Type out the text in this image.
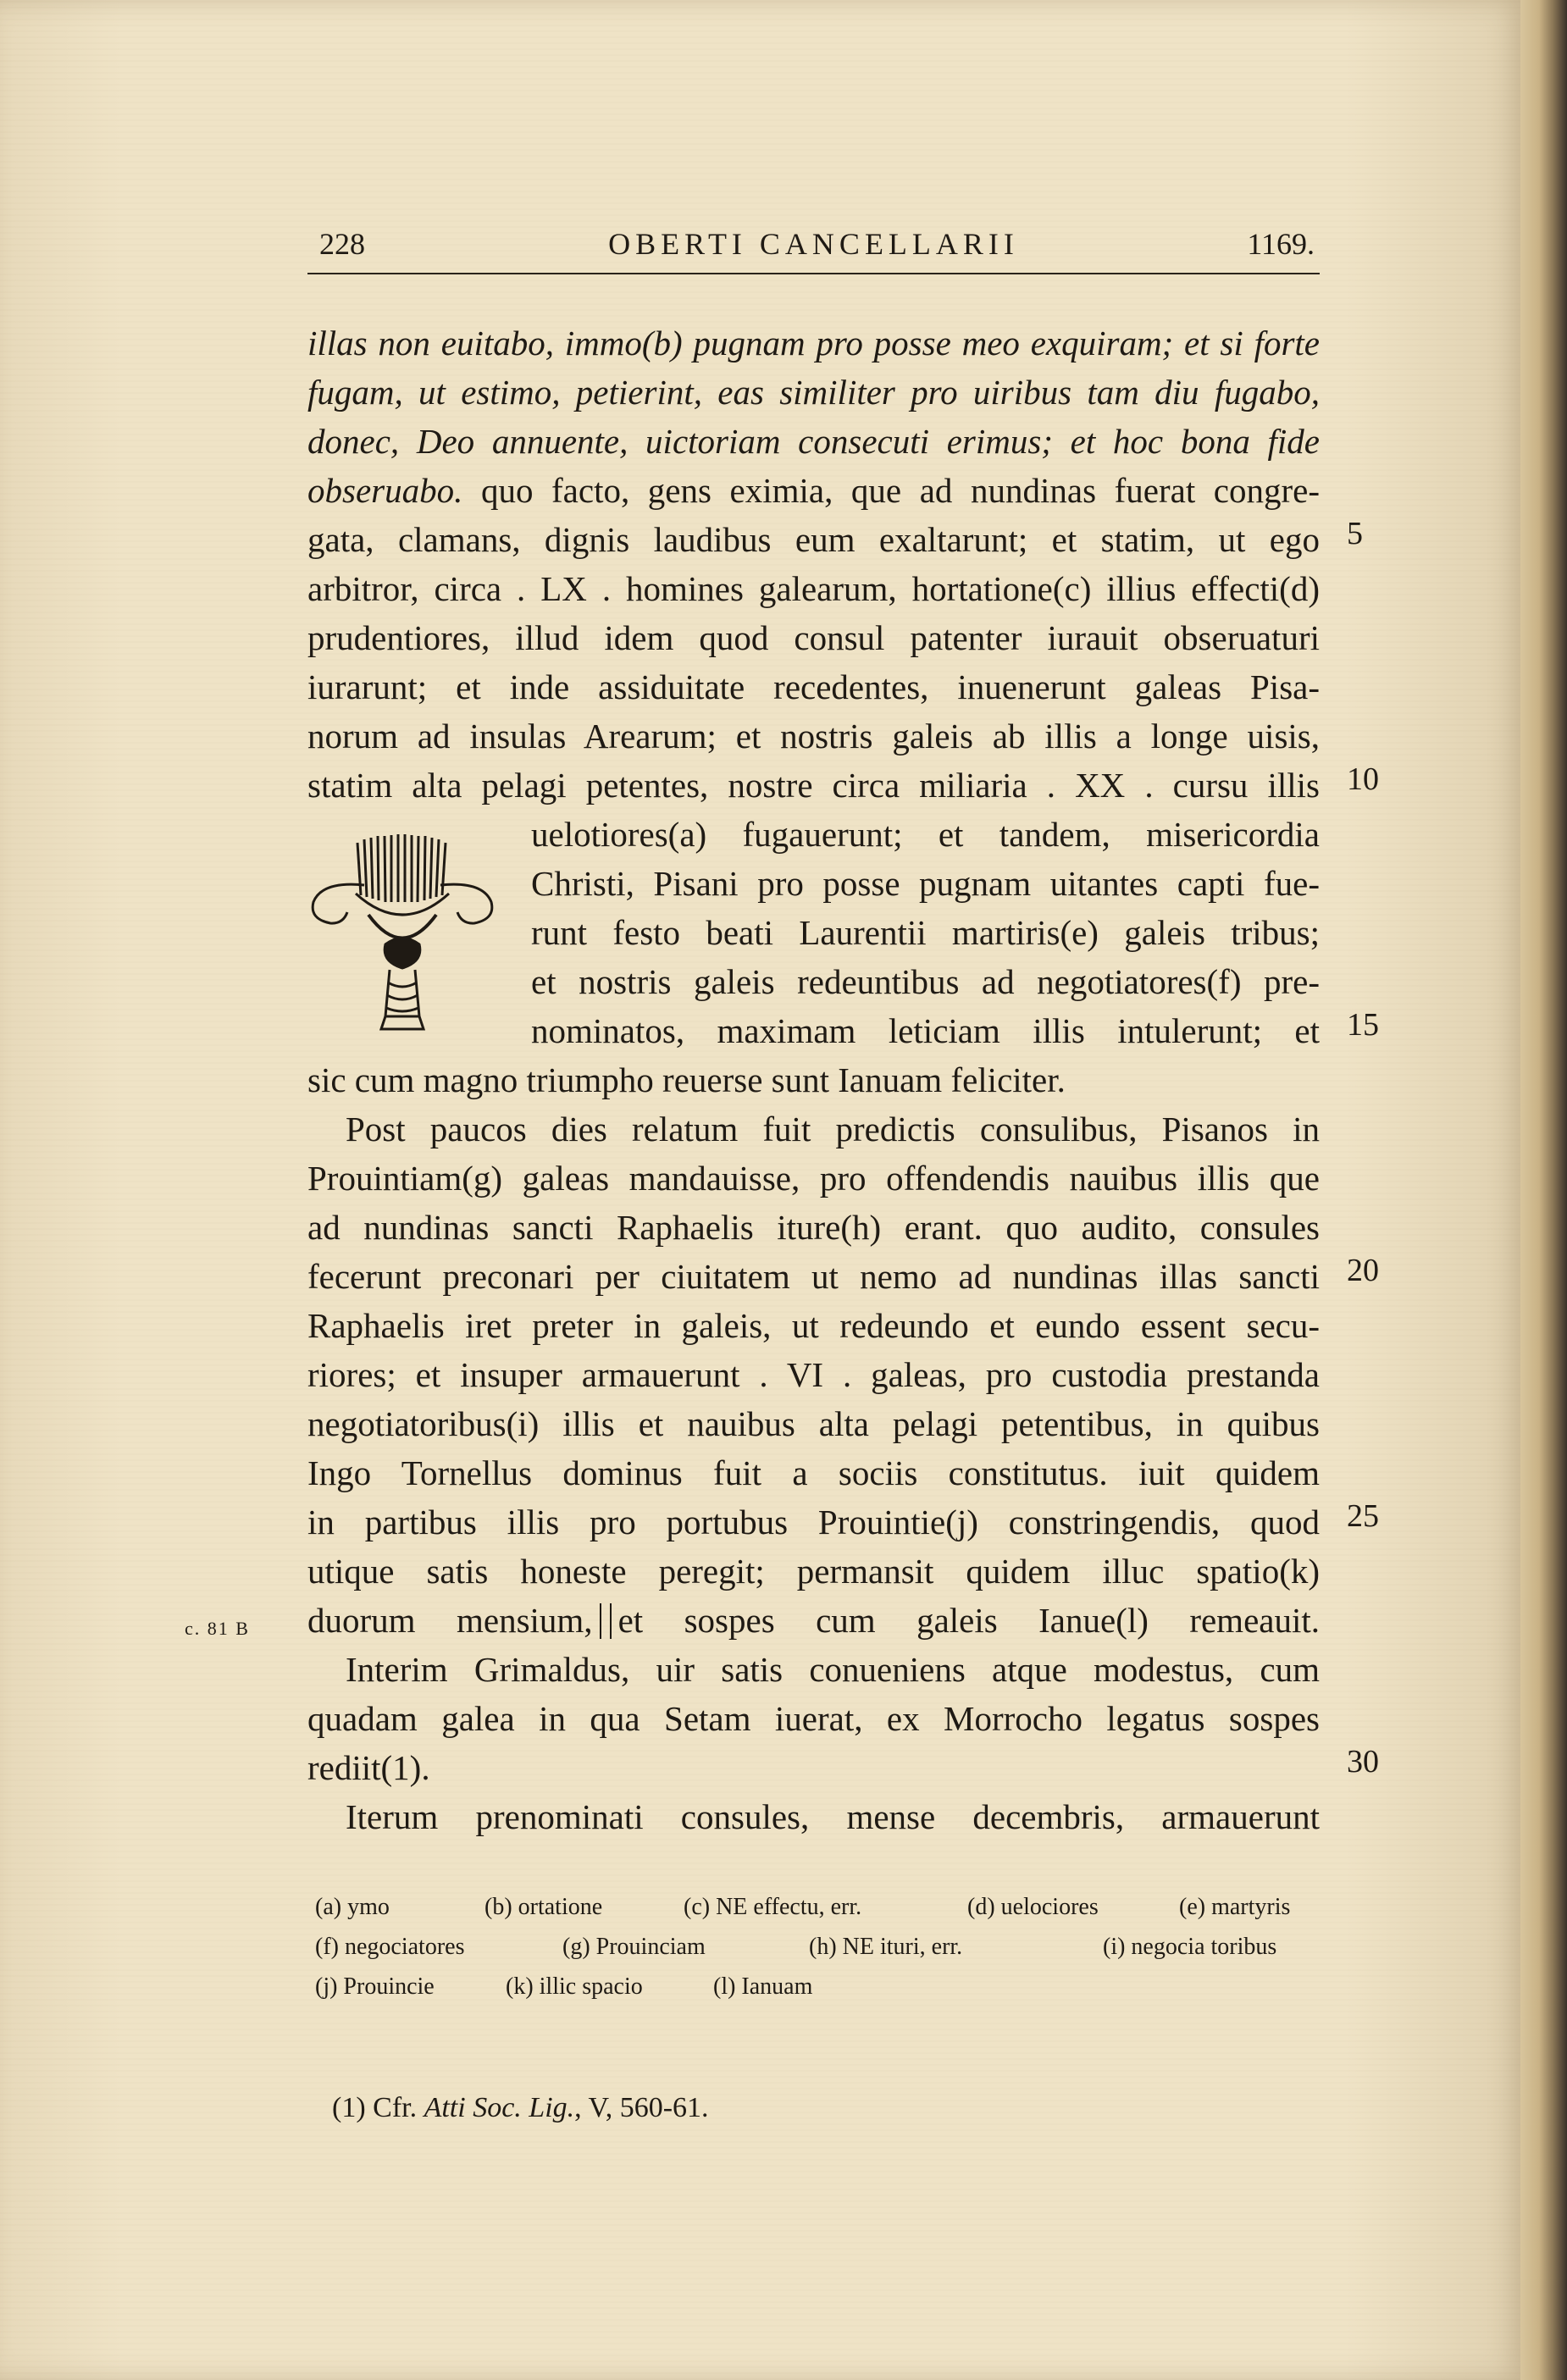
228	OBERTI CANCELLARII	1169.
illas non euitabo, immo(b) pugnam pro posse meo exquiram; et si forte
fugam, ut estimo, petierint, eas similiter pro uiribus tam diu fugabo,
donec, Deo annuente, uictoriam consecuti erimus; et hoc bona fide
obseruabo. quo facto, gens eximia, que ad nundinas fuerat congre-
gata, clamans, dignis laudibus eum exaltarunt; et statim, ut ego
arbitror, circa . LX . homines galearum, hortatione(c) illius effecti(d)
prudentiores, illud idem quod consul patenter iurauit obseruaturi
iurarunt; et inde assiduitate recedentes, inuenerunt galeas Pisa-
norum ad insulas Arearum; et nostris galeis ab illis a longe uisis,
statim alta pelagi petentes, nostre circa miliaria . XX . cursu illis
uelotiores(a) fugauerunt; et tandem, misericordia
Christi, Pisani pro posse pugnam uitantes capti fue-
runt festo beati Laurentii martiris(e) galeis tribus;
et nostris galeis redeuntibus ad negotiatores(f) pre-
nominatos, maximam leticiam illis intulerunt; et
sic cum magno triumpho reuerse sunt Ianuam feliciter.
Post paucos dies relatum fuit predictis consulibus, Pisanos in
Prouintiam(g) galeas mandauisse, pro offendendis nauibus illis que
ad nundinas sancti Raphaelis iture(h) erant. quo audito, consules
fecerunt preconari per ciuitatem ut nemo ad nundinas illas sancti
Raphaelis iret preter in galeis, ut redeundo et eundo essent secu-
riores; et insuper armauerunt . VI . galeas, pro custodia prestanda
negotiatoribus(i) illis et nauibus alta pelagi petentibus, in quibus
Ingo Tornellus dominus fuit a sociis constitutus. iuit quidem
in partibus illis pro portubus Prouintie(j) constringendis, quod
utique satis honeste peregit; permansit quidem illuc spatio(k)
duorum mensium, et sospes cum galeis Ianue(l) remeauit.
Interim Grimaldus, uir satis conueniens atque modestus, cum
quadam galea in qua Setam iuerat, ex Morrocho legatus sospes
rediit(1).
Iterum prenominati consules, mense decembris, armauerunt
5
10
15
20
25
30
c. 81 B
(a) ymo	(b) ortatione	(c) NE effectu, err.	(d) uelociores	(e) martyris
(f) negociatores	(g) Prouinciam	(h) NE ituri, err.	(i) negocia toribus
(j) Prouincie	(k) illic spacio	(l) Ianuam
(1) Cfr. Atti Soc. Lig., V, 560-61.
